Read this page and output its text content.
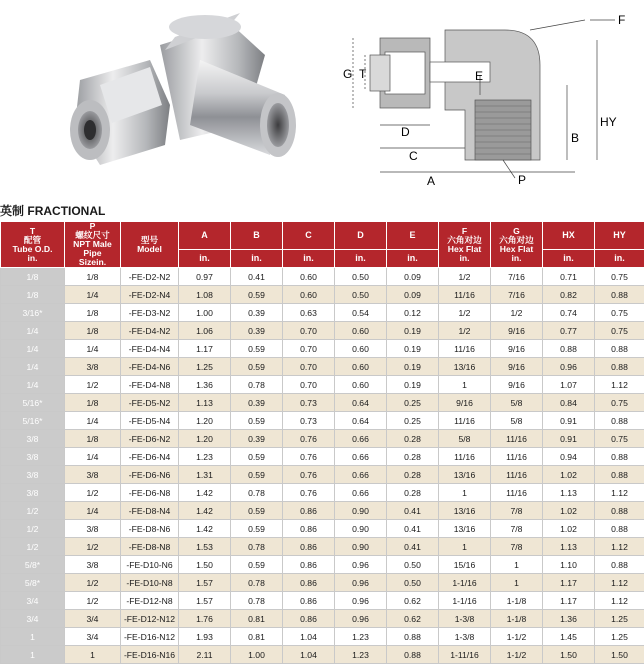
G T	E
D
C
A
B
HY
F
P
英制 FRACTIONAL
T
配管
Tube O.D.
in.	P
螺纹尺寸
NPT Male
Pipe
Sizein.	型号
Model	A	B	C	D	E	F
六角对边
Hex Flat
in.	G
六角对边
Hex Flat
in.	HX	HY
			in.	in.	in.	in.	in.			in.	in.
1/8	1/8	-FE-D2-N2	0.97	0.41	0.60	0.50	0.09	1/2	7/16	0.71	0.75
1/8	1/4	-FE-D2-N4	1.08	0.59	0.60	0.50	0.09	11/16	7/16	0.82	0.88
3/16*	1/8	-FE-D3-N2	1.00	0.39	0.63	0.54	0.12	1/2	1/2	0.74	0.75
1/4	1/8	-FE-D4-N2	1.06	0.39	0.70	0.60	0.19	1/2	9/16	0.77	0.75
1/4	1/4	-FE-D4-N4	1.17	0.59	0.70	0.60	0.19	11/16	9/16	0.88	0.88
1/4	3/8	-FE-D4-N6	1.25	0.59	0.70	0.60	0.19	13/16	9/16	0.96	0.88
1/4	1/2	-FE-D4-N8	1.36	0.78	0.70	0.60	0.19	1	9/16	1.07	1.12
5/16*	1/8	-FE-D5-N2	1.13	0.39	0.73	0.64	0.25	9/16	5/8	0.84	0.75
5/16*	1/4	-FE-D5-N4	1.20	0.59	0.73	0.64	0.25	11/16	5/8	0.91	0.88
3/8	1/8	-FE-D6-N2	1.20	0.39	0.76	0.66	0.28	5/8	11/16	0.91	0.75
3/8	1/4	-FE-D6-N4	1.23	0.59	0.76	0.66	0.28	11/16	11/16	0.94	0.88
3/8	3/8	-FE-D6-N6	1.31	0.59	0.76	0.66	0.28	13/16	11/16	1.02	0.88
3/8	1/2	-FE-D6-N8	1.42	0.78	0.76	0.66	0.28	1	11/16	1.13	1.12
1/2	1/4	-FE-D8-N4	1.42	0.59	0.86	0.90	0.41	13/16	7/8	1.02	0.88
1/2	3/8	-FE-D8-N6	1.42	0.59	0.86	0.90	0.41	13/16	7/8	1.02	0.88
1/2	1/2	-FE-D8-N8	1.53	0.78	0.86	0.90	0.41	1	7/8	1.13	1.12
5/8*	3/8	-FE-D10-N6	1.50	0.59	0.86	0.96	0.50	15/16	1	1.10	0.88
5/8*	1/2	-FE-D10-N8	1.57	0.78	0.86	0.96	0.50	1-1/16	1	1.17	1.12
3/4	1/2	-FE-D12-N8	1.57	0.78	0.86	0.96	0.62	1-1/16	1-1/8	1.17	1.12
3/4	3/4	-FE-D12-N12	1.76	0.81	0.86	0.96	0.62	1-3/8	1-1/8	1.36	1.25
1	3/4	-FE-D16-N12	1.93	0.81	1.04	1.23	0.88	1-3/8	1-1/2	1.45	1.25
1	1	-FE-D16-N16	2.11	1.00	1.04	1.23	0.88	1-11/16	1-1/2	1.50	1.50
